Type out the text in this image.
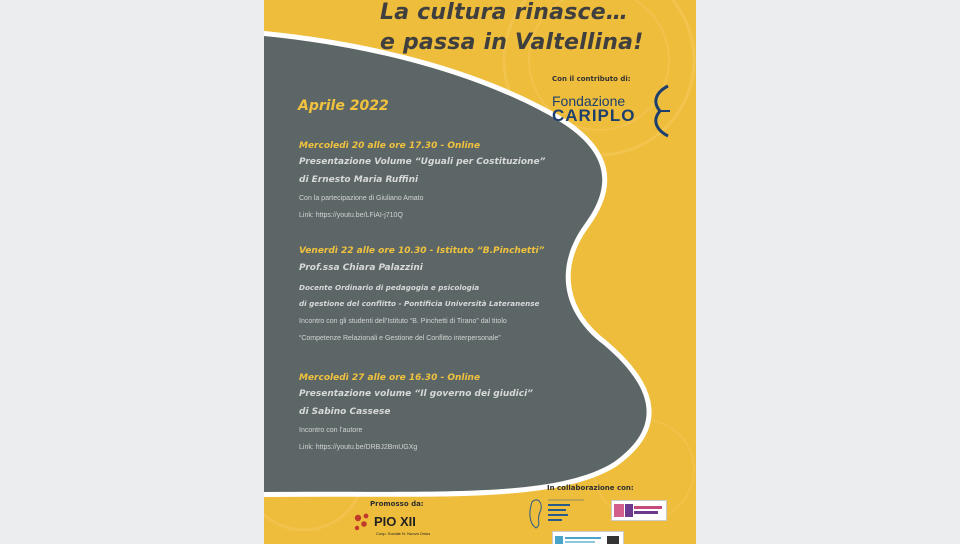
La cultura rinasce…

e passa in Valtellina!

Con il contributo di:

Fondazione

CARIPLO

Aprile 2022

Mercoledì 20 alle ore 17.30 - Online

Presentazione Volume “Uguali per Costituzione”

di Ernesto Maria Ruffini

Con la partecipazione di Giuliano Amato

Link: https://youtu.be/LFiAI-j710Q

Venerdì 22 alle ore 10.30 - Istituto “B.Pinchetti”

Prof.ssa Chiara Palazzini

Docente Ordinario di pedagogia e psicologia

di gestione del conflitto - Pontificia Università Lateranense

Incontro con gli studenti dell’Istituto “B. Pinchetti di Tirano” dal titolo

“Competenze Relazionali e Gestione del Conflitto interpersonale”

Mercoledì 27 alle ore 16.30 - Online

Presentazione volume “Il governo dei giudici”

di Sabino Cassese

Incontro con l’autore

Link: https://youtu.be/DRBJ2BmUGXg

Promosso da:

PIO XII

Coop. Sociale N. Nuova Onlus

In collaborazione con:
